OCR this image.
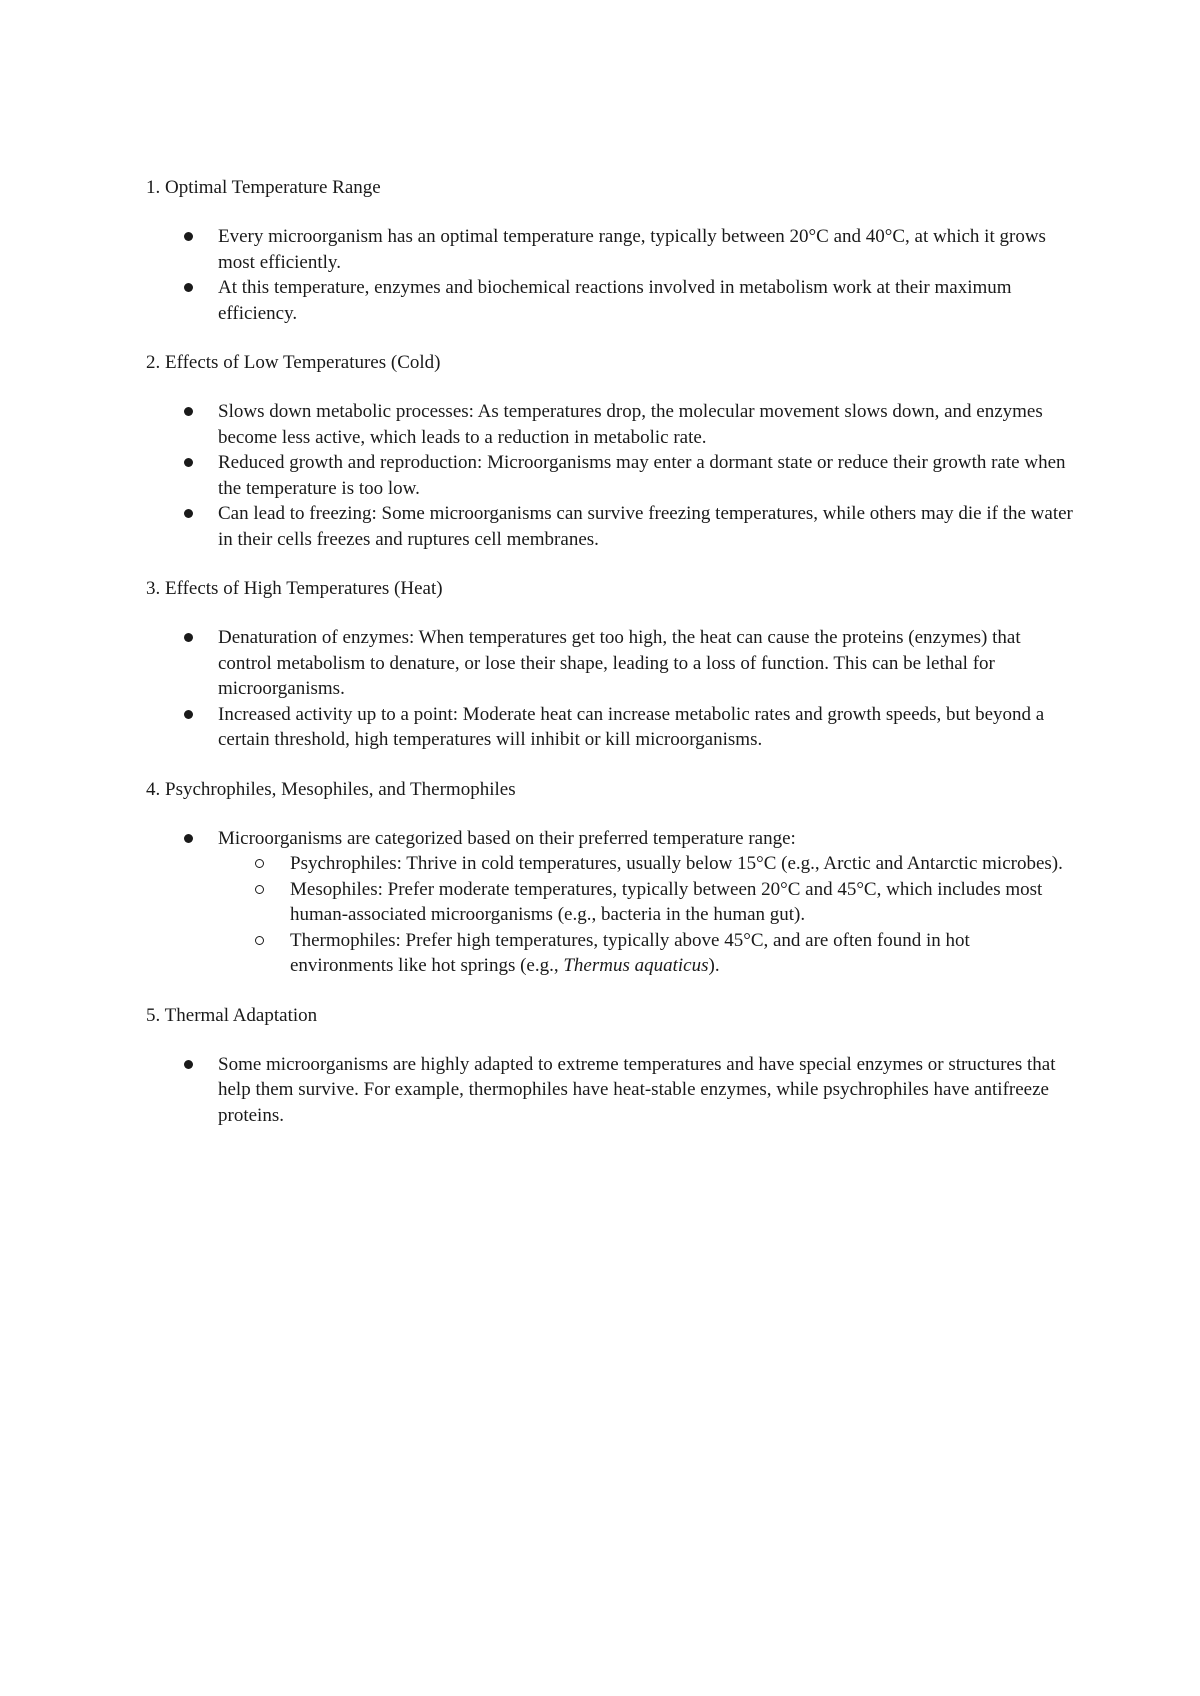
1. Optimal Temperature Range
Every microorganism has an optimal temperature range, typically between 20°C and 40°C, at which it grows most efficiently.
At this temperature, enzymes and biochemical reactions involved in metabolism work at their maximum efficiency.
2. Effects of Low Temperatures (Cold)
Slows down metabolic processes: As temperatures drop, the molecular movement slows down, and enzymes become less active, which leads to a reduction in metabolic rate.
Reduced growth and reproduction: Microorganisms may enter a dormant state or reduce their growth rate when the temperature is too low.
Can lead to freezing: Some microorganisms can survive freezing temperatures, while others may die if the water in their cells freezes and ruptures cell membranes.
3. Effects of High Temperatures (Heat)
Denaturation of enzymes: When temperatures get too high, the heat can cause the proteins (enzymes) that control metabolism to denature, or lose their shape, leading to a loss of function. This can be lethal for microorganisms.
Increased activity up to a point: Moderate heat can increase metabolic rates and growth speeds, but beyond a certain threshold, high temperatures will inhibit or kill microorganisms.
4. Psychrophiles, Mesophiles, and Thermophiles
Microorganisms are categorized based on their preferred temperature range:
Psychrophiles: Thrive in cold temperatures, usually below 15°C (e.g., Arctic and Antarctic microbes).
Mesophiles: Prefer moderate temperatures, typically between 20°C and 45°C, which includes most human-associated microorganisms (e.g., bacteria in the human gut).
Thermophiles: Prefer high temperatures, typically above 45°C, and are often found in hot environments like hot springs (e.g., Thermus aquaticus).
5. Thermal Adaptation
Some microorganisms are highly adapted to extreme temperatures and have special enzymes or structures that help them survive. For example, thermophiles have heat-stable enzymes, while psychrophiles have antifreeze proteins.
